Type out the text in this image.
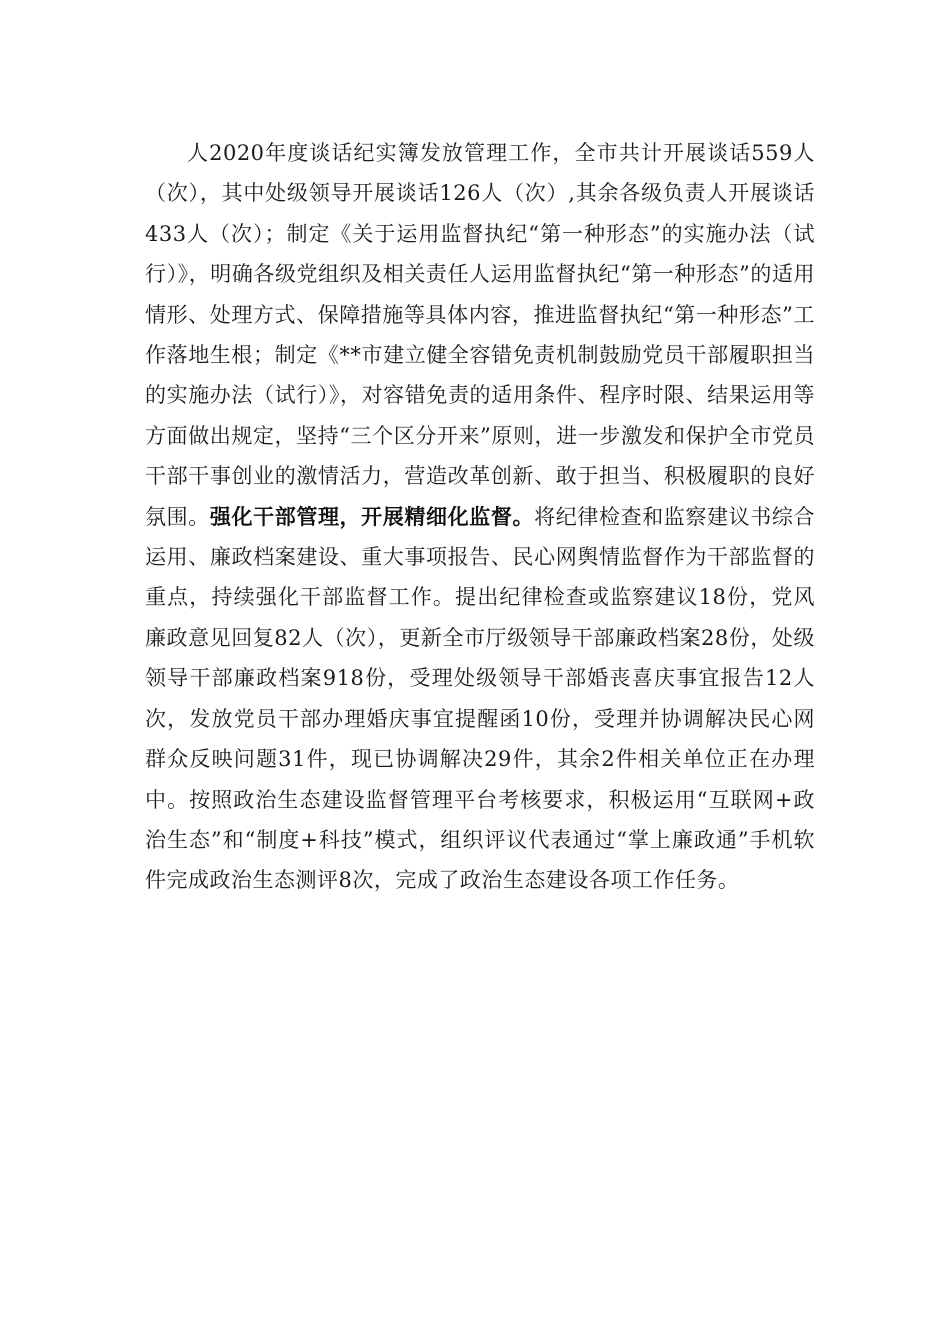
人2020年度谈话纪实簿发放管理工作，全市共计开展谈话559人（次），其中处级领导开展谈话126人（次）,其余各级负责人开展谈话433人（次）；制定《关于运用监督执纪“第一种形态”的实施办法（试行）》，明确各级党组织及相关责任人运用监督执纪“第一种形态”的适用情形、处理方式、保障措施等具体内容，推进监督执纪“第一种形态”工作落地生根；制定《**市建立健全容错免责机制鼓励党员干部履职担当的实施办法（试行）》，对容错免责的适用条件、程序时限、结果运用等方面做出规定，坚持“三个区分开来”原则，进一步激发和保护全市党员干部干事创业的激情活力，营造改革创新、敢于担当、积极履职的良好氛围。强化干部管理，开展精细化监督。将纪律检查和监察建议书综合运用、廉政档案建设、重大事项报告、民心网舆情监督作为干部监督的重点，持续强化干部监督工作。提出纪律检查或监察建议18份，党风廉政意见回复82人（次），更新全市厅级领导干部廉政档案28份，处级领导干部廉政档案918份，受理处级领导干部婚丧喜庆事宜报告12人次，发放党员干部办理婚庆事宜提醒函10份，受理并协调解决民心网群众反映问题31件，现已协调解决29件，其余2件相关单位正在办理中。按照政治生态建设监督管理平台考核要求，积极运用“互联网+政治生态”和“制度+科技”模式，组织评议代表通过“掌上廉政通”手机软件完成政治生态测评8次，完成了政治生态建设各项工作任务。
